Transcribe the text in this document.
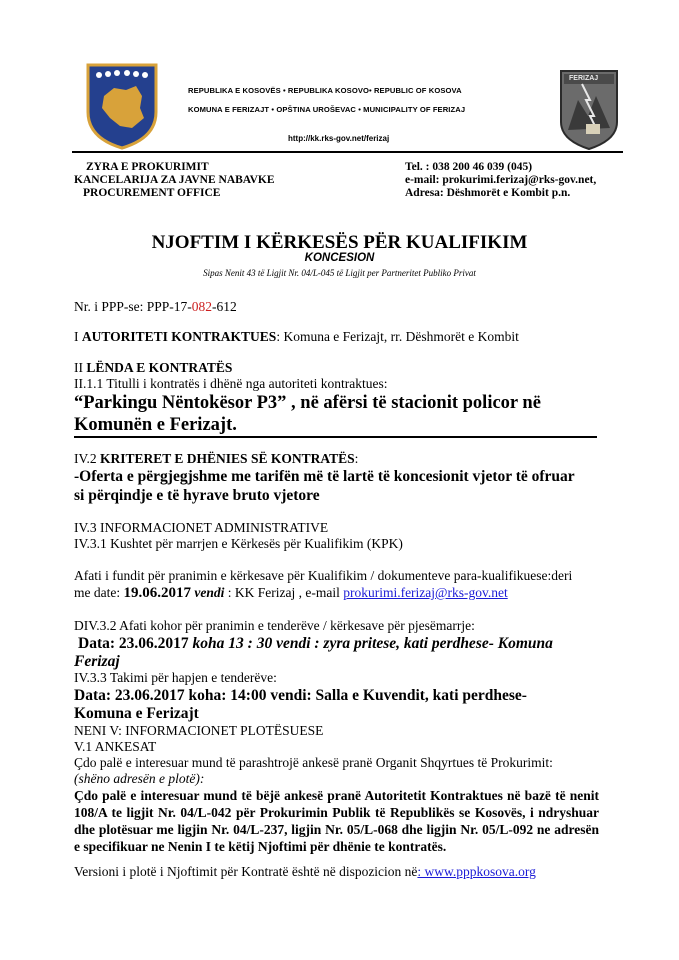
REPUBLIKA E KOSOVËS • REPUBLIKA KOSOVO• REPUBLIC OF KOSOVA
KOMUNA E FERIZAJT • OPŠTINA UROŠEVAC • MUNICIPALITY OF FERIZAJ
http://kk.rks-gov.net/ferizaj
FERIZAJ
ZYRA E PROKURIMIT
KANCELARIJA ZA JAVNE NABAVKE
PROCUREMENT OFFICE
Tel. : 038 200 46 039 (045)
e-mail: prokurimi.ferizaj@rks-gov.net,
Adresa: Dëshmorët e Kombit p.n.
NJOFTIM I KËRKESËS PËR KUALIFIKIM
KONCESION
Sipas Nenit 43 të Ligjit Nr. 04/L-045 të Ligjit per Partneritet Publiko Privat
Nr. i PPP-se: PPP-17-082-612
I AUTORITETI KONTRAKTUES: Komuna e Ferizajt, rr. Dëshmorët e Kombit
II LËNDA E KONTRATËS
II.1.1 Titulli i kontratës i dhënë nga autoriteti kontraktues:
“Parkingu Nëntokësor P3” , në afërsi të stacionit policor në
Komunën e Ferizajt.
IV.2 KRITERET E DHËNIES SË KONTRATËS:
-Oferta e përgjegjshme me tarifën më të lartë të koncesionit vjetor të ofruar
si përqindje e të hyrave bruto vjetore
IV.3 INFORMACIONET ADMINISTRATIVE
IV.3.1 Kushtet për marrjen e Kërkesës për Kualifikim (KPK)
Afati i fundit për pranimin e kërkesave për Kualifikim / dokumenteve para-kualifikuese:deri
me date: 19.06.2017 vendi : KK Ferizaj , e-mail prokurimi.ferizaj@rks-gov.net
DIV.3.2 Afati kohor për pranimin e tenderëve / kërkesave për pjesëmarrje:
Data: 23.06.2017 koha 13 : 30 vendi : zyra pritese, kati perdhese- Komuna
Ferizaj
IV.3.3 Takimi për hapjen e tenderëve:
Data: 23.06.2017 koha: 14:00 vendi: Salla e Kuvendit, kati perdhese-
Komuna e Ferizajt
NENI V: INFORMACIONET PLOTËSUESE
V.1 ANKESAT
Çdo palë e interesuar mund të parashtrojë ankesë pranë Organit Shqyrtues të Prokurimit:
(shëno adresën e plotë):
Çdo palë e interesuar mund të bëjë ankesë pranë Autoritetit Kontraktues në bazë të nenit 108/A te ligjit Nr. 04/L-042 për Prokurimin Publik të Republikës se Kosovës, i ndryshuar dhe plotësuar me ligjin Nr. 04/L-237, ligjin Nr. 05/L-068 dhe ligjin Nr. 05/L-092 ne adresën e specifikuar ne Nenin I te këtij Njoftimi për dhënie te kontratës.
Versioni i plotë i Njoftimit për Kontratë është në dispozicion në: www.pppkosova.org
